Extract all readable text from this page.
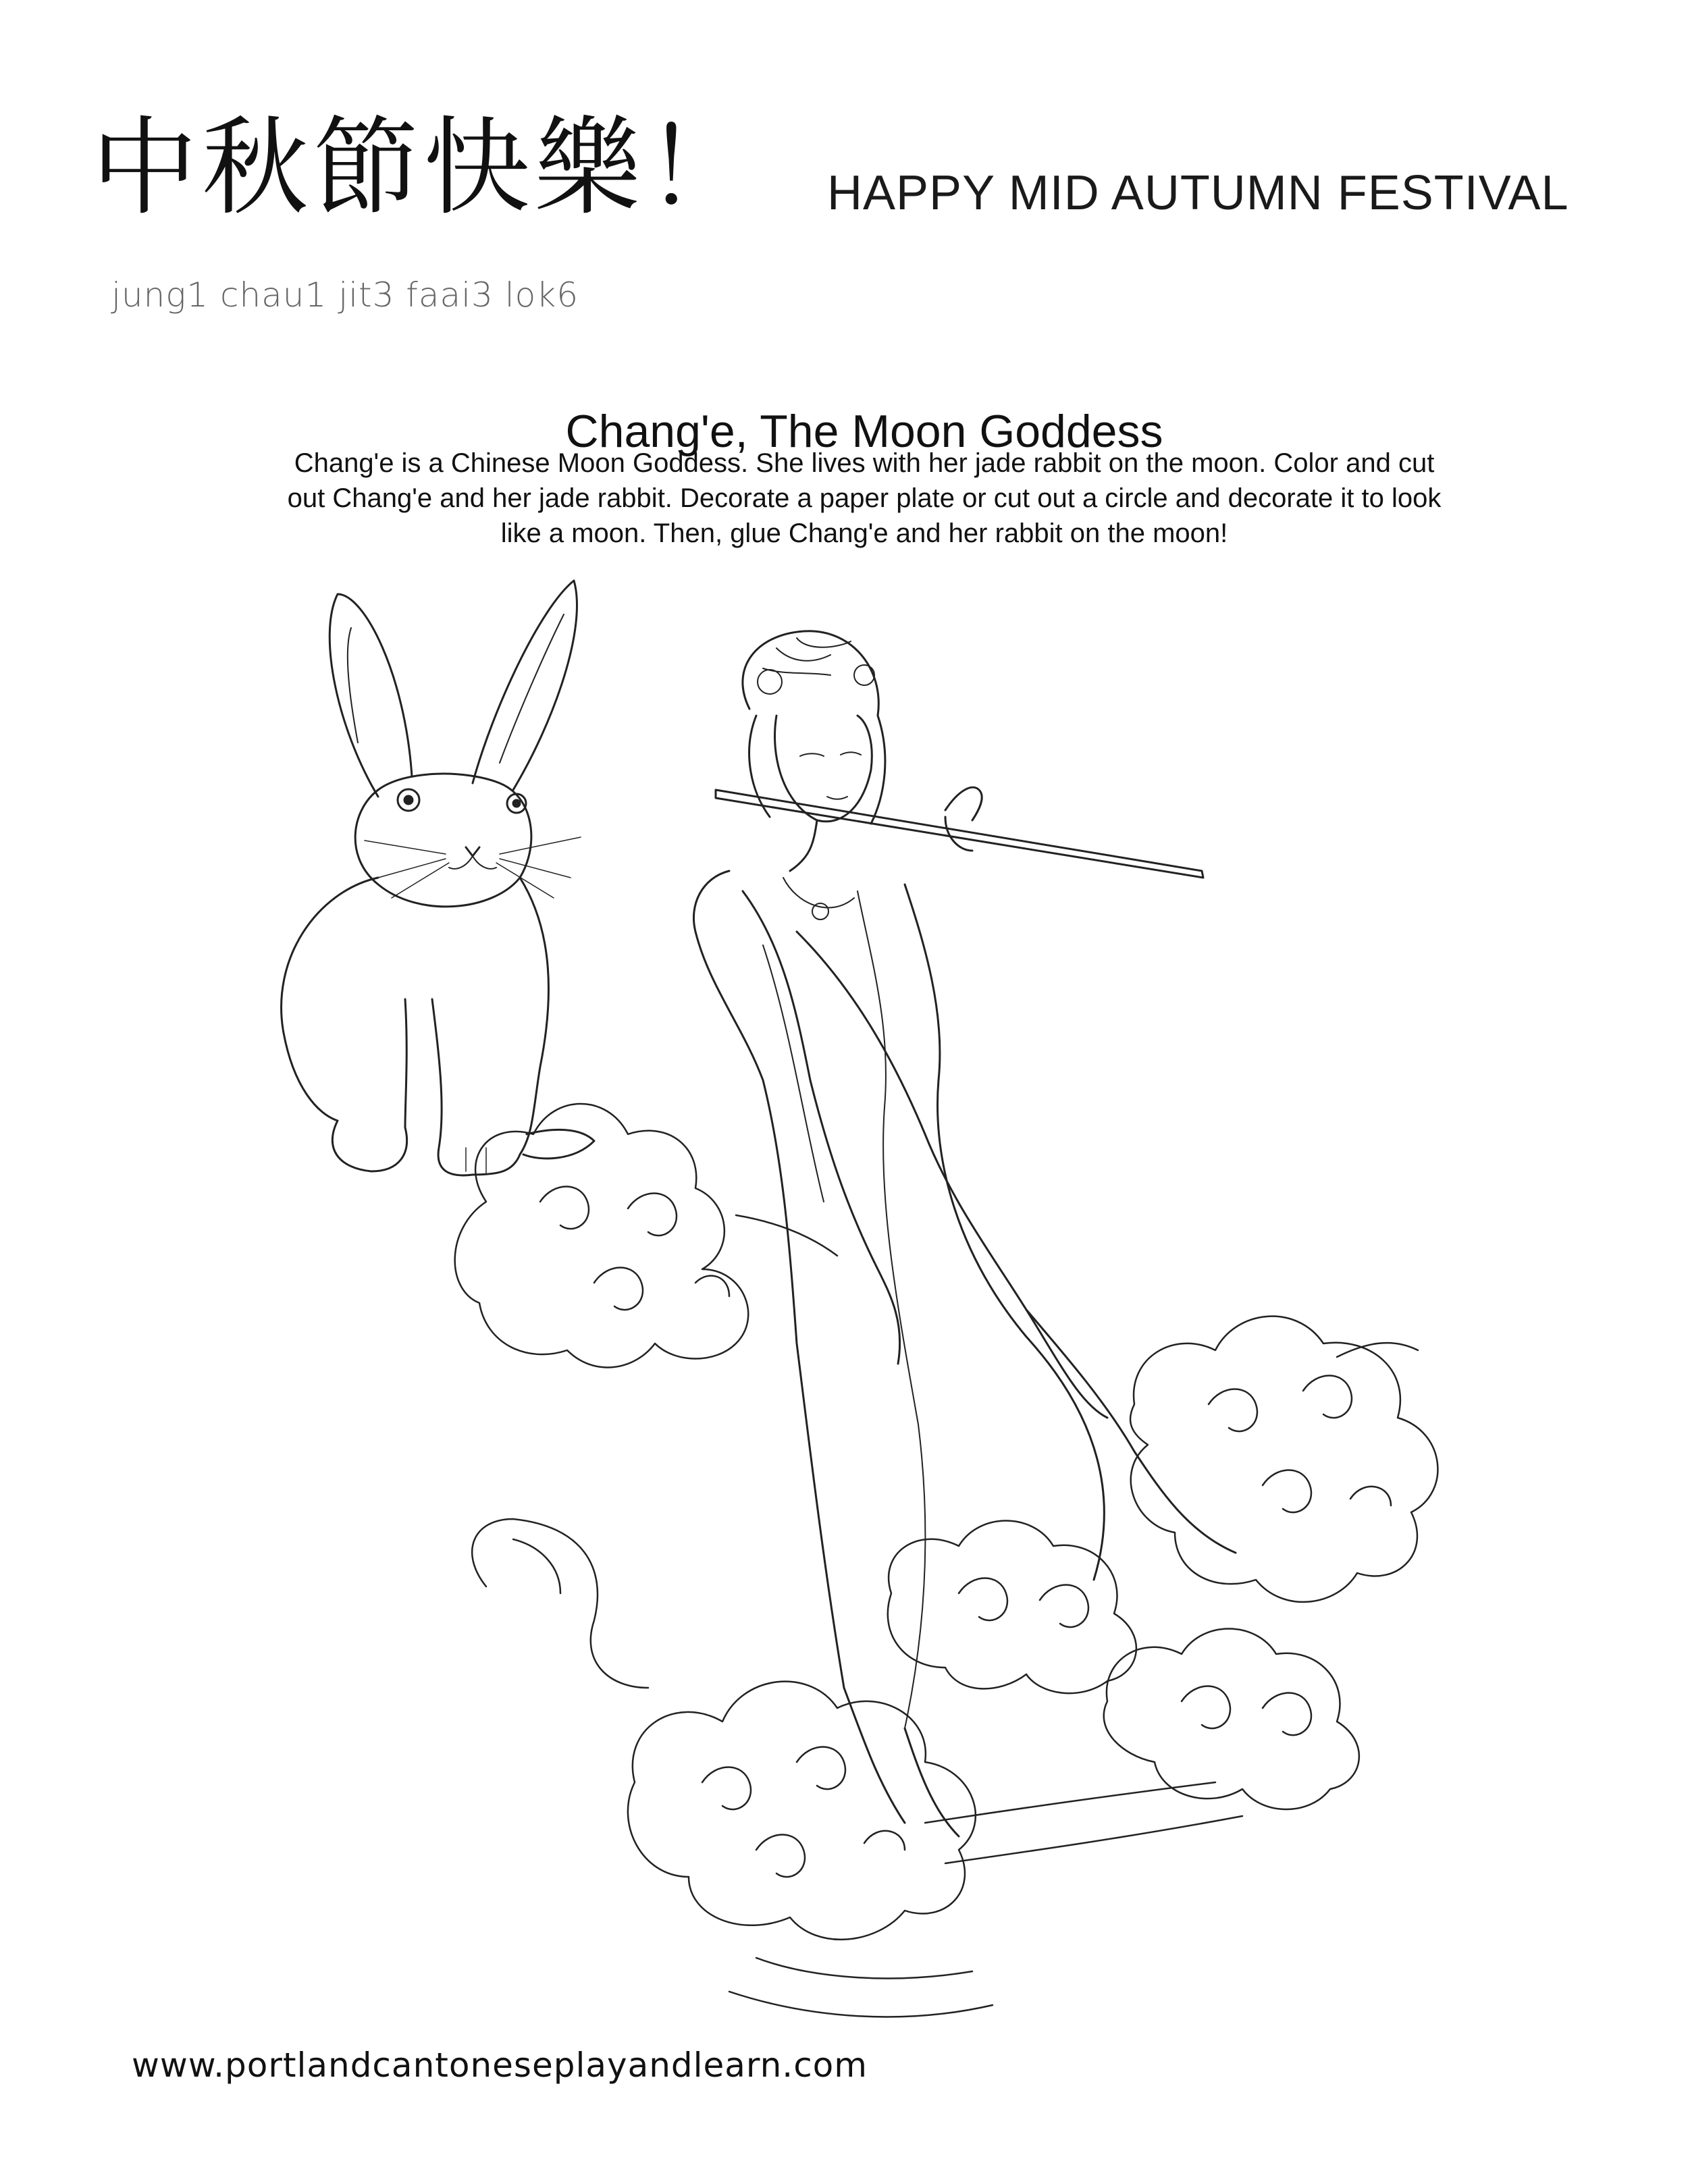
中秋節快樂！ HAPPY MID AUTUMN FESTIVAL
jung1 chau1 jit3 faai3 lok6
Chang'e, The Moon Goddess
Chang'e is a Chinese Moon Goddess. She lives with her jade rabbit on the moon. Color and cut out Chang'e and her jade rabbit. Decorate a paper plate or cut out a circle and decorate it to look like a moon. Then, glue Chang'e and her rabbit on the moon!
www.portlandcantoneseplayandlearn.com
